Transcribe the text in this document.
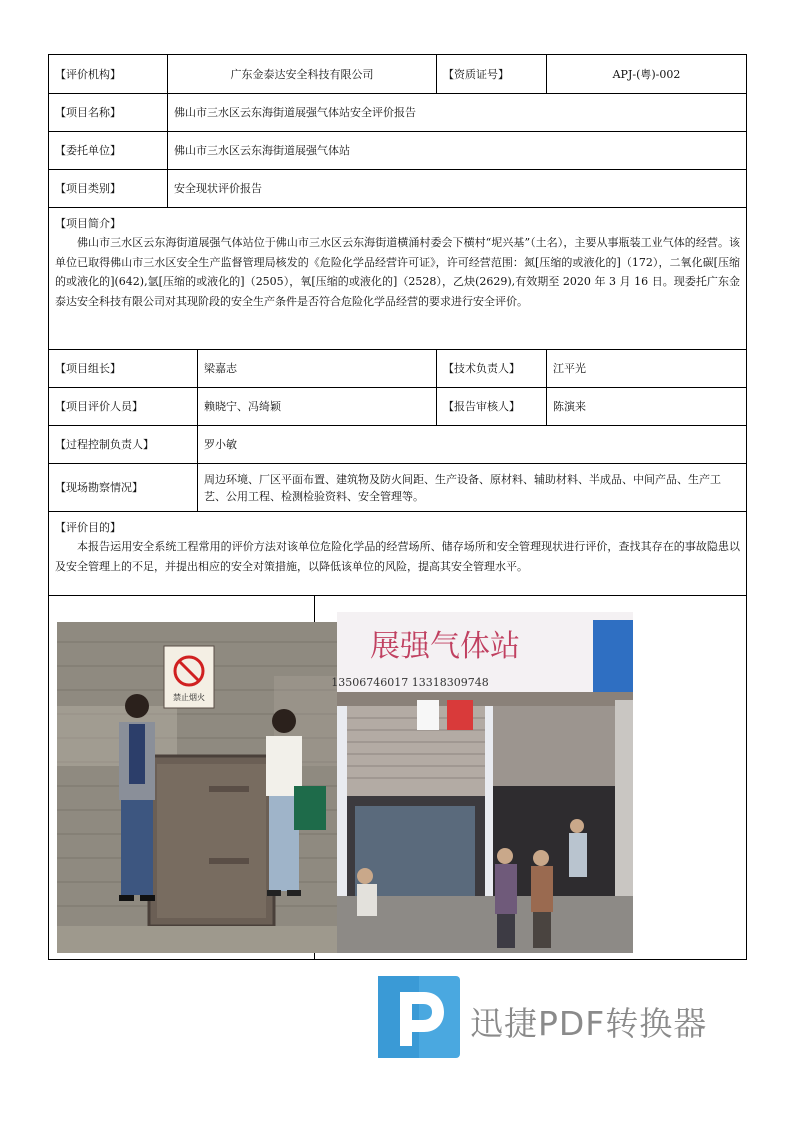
【评价机构】	广东金泰达安全科技有限公司			【资质证号】	APJ-(粤)-002
【项目名称】	佛山市三水区云东海街道展强气体站安全评价报告				
【委托单位】	佛山市三水区云东海街道展强气体站				
【项目类别】	安全现状评价报告				

【项目简介】

佛山市三水区云东海街道展强气体站位于佛山市三水区云东海街道横涌村委会下横村“坭兴基”（土名），主要从事瓶装工业气体的经营。该单位已取得佛山市三水区安全生产监督管理局核发的《危险化学品经营许可证》，许可经营范围：氮[压缩的或液化的]（172），二氧化碳[压缩的或液化的](642),氩[压缩的或液化的]（2505），氧[压缩的或液化的]（2528），乙炔(2629),有效期至 2020 年 3 月 16 日。现委托广东金泰达安全科技有限公司对其现阶段的安全生产条件是否符合危险化学品经营的要求进行安全评价。					

【项目组长】		梁嘉志		【技术负责人】	江平光
【项目评价人员】		赖晓宁、冯绮颖		【报告审核人】	陈演来
【过程控制负责人】		罗小敏			
【现场勘察情况】		周边环境、厂区平面布置、建筑物及防火间距、生产设备、原材料、辅助材料、半成品、中间产品、生产工艺、公用工程、检测检验资料、安全管理等。			

【评价目的】

本报告运用安全系统工程常用的评价方法对该单位危险化学品的经营场所、储存场所和安全管理现状进行评价，查找其存在的事故隐患以及安全管理上的不足，并提出相应的安全对策措施，以降低该单位的风险，提高其安全管理水平。					

禁止烟火			展强气体站
13506746017 13318309748		
迅捷PDF转换器
